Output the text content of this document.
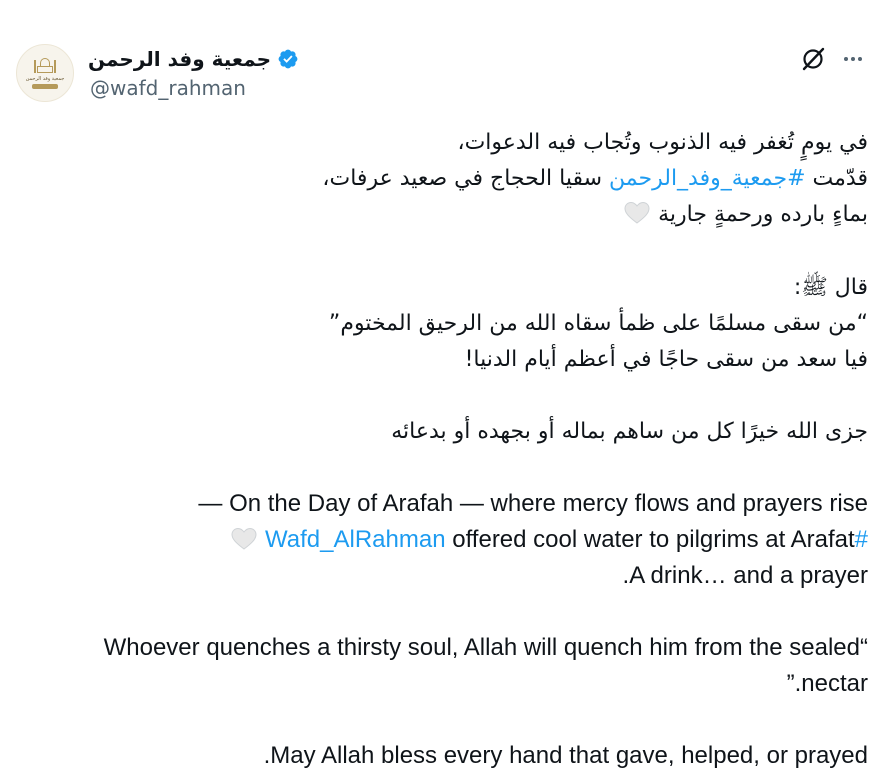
جمعية وفد الرحمن
جمعية وفد الرحمن
@wafd_rahman
في يومٍ تُغفر فيه الذنوب وتُجاب فيه الدعوات،
قدّمت #جمعية_وفد_الرحمن سقيا الحجاج في صعيد عرفات،
بماءٍ بارده ورحمةٍ جارية
قال ﷺ:
“من سقى مسلمًا على ظمأ سقاه الله من الرحيق المختوم”
فيا سعد من سقى حاجًا في أعظم أيام الدنيا!
جزى الله خيرًا كل من ساهم بماله أو بجهده أو بدعائه
On the Day of Arafah — where mercy flows and prayers rise —
#Wafd_AlRahman offered cool water to pilgrims at Arafat
A drink… and a prayer.
“Whoever quenches a thirsty soul, Allah will quench him from the sealed
nectar.”
May Allah bless every hand that gave, helped, or prayed.
